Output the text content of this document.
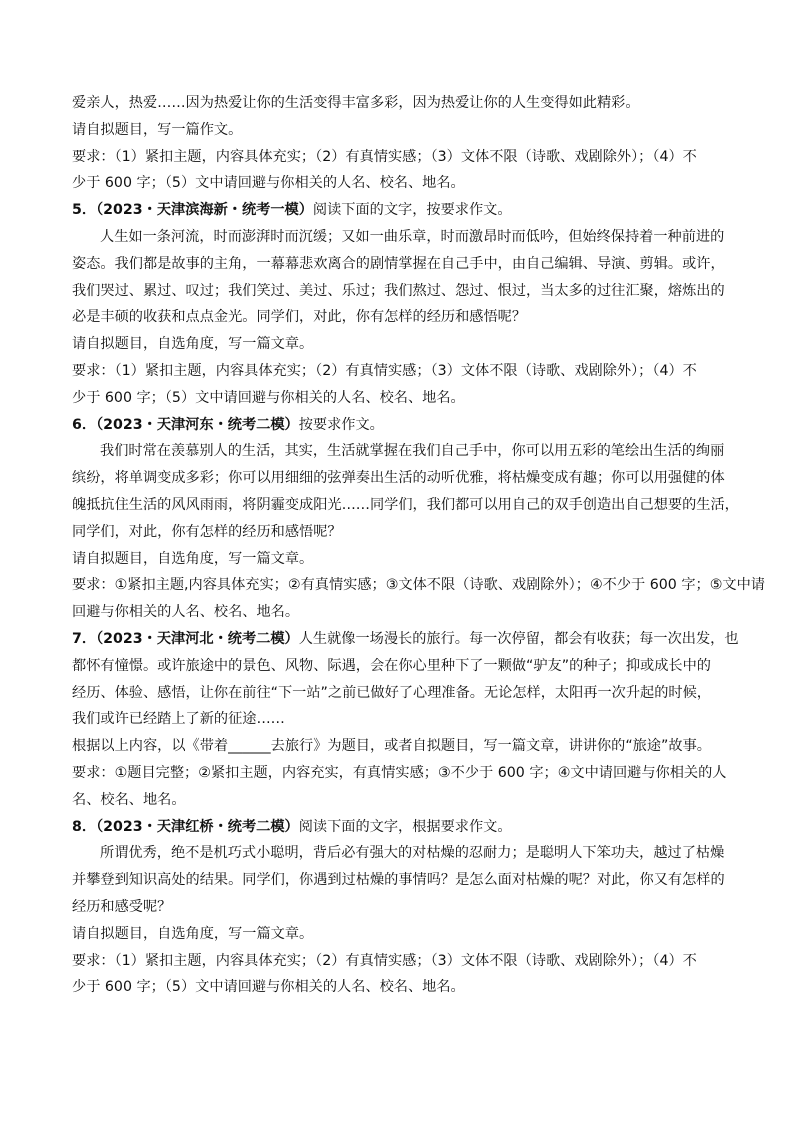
爱亲人，热爱……因为热爱让你的生活变得丰富多彩，因为热爱让你的人生变得如此精彩。

请自拟题目，写一篇作文。

要求：（1）紧扣主题，内容具体充实；（2）有真情实感；（3）文体不限（诗歌、戏剧除外）；（4）不

少于 600 字；（5）文中请回避与你相关的人名、校名、地名。

5．（2023・天津滨海新・统考一模）阅读下面的文字，按要求作文。

人生如一条河流，时而澎湃时而沉缓；又如一曲乐章，时而激昂时而低吟，但始终保持着一种前进的

姿态。我们都是故事的主角，一幕幕悲欢离合的剧情掌握在自己手中，由自己编辑、导演、剪辑。或许，

我们哭过、累过、叹过；我们笑过、美过、乐过；我们熬过、怨过、恨过，当太多的过往汇聚，熔炼出的

必是丰硕的收获和点点金光。同学们，对此，你有怎样的经历和感悟呢？

请自拟题目，自选角度，写一篇文章。

要求：（1）紧扣主题，内容具体充实；（2）有真情实感；（3）文体不限（诗歌、戏剧除外）；（4）不

少于 600 字；（5）文中请回避与你相关的人名、校名、地名。

6．（2023・天津河东・统考二模）按要求作文。

我们时常在羡慕别人的生活，其实，生活就掌握在我们自己手中，你可以用五彩的笔绘出生活的绚丽

缤纷，将单调变成多彩；你可以用细细的弦弹奏出生活的动听优雅，将枯燥变成有趣；你可以用强健的体

魄抵抗住生活的风风雨雨，将阴霾变成阳光……同学们，我们都可以用自己的双手创造出自己想要的生活，

同学们，对此，你有怎样的经历和感悟呢？

请自拟题目，自选角度，写一篇文章。

要求：①紧扣主题,内容具体充实；②有真情实感；③文体不限（诗歌、戏剧除外）；④不少于 600 字；⑤文中请

回避与你相关的人名、校名、地名。

7．（2023・天津河北・统考二模）人生就像一场漫长的旅行。每一次停留，都会有收获；每一次出发，也

都怀有憧憬。或许旅途中的景色、风物、际遇，会在你心里种下了一颗做“驴友”的种子；抑或成长中的

经历、体验、感悟，让你在前往“下一站”之前已做好了心理准备。无论怎样，太阳再一次升起的时候，

我们或许已经踏上了新的征途……

根据以上内容，以《带着______去旅行》为题目，或者自拟题目，写一篇文章，讲讲你的“旅途”故事。

要求：①题目完整；②紧扣主题，内容充实，有真情实感；③不少于 600 字；④文中请回避与你相关的人

名、校名、地名。

8．（2023・天津红桥・统考二模）阅读下面的文字，根据要求作文。

所谓优秀，绝不是机巧式小聪明，背后必有强大的对枯燥的忍耐力；是聪明人下笨功夫，越过了枯燥

并攀登到知识高处的结果。同学们，你遇到过枯燥的事情吗？是怎么面对枯燥的呢？对此，你又有怎样的

经历和感受呢？

请自拟题目，自选角度，写一篇文章。

要求：（1）紧扣主题，内容具体充实；（2）有真情实感；（3）文体不限（诗歌、戏剧除外）；（4）不

少于 600 字；（5）文中请回避与你相关的人名、校名、地名。
